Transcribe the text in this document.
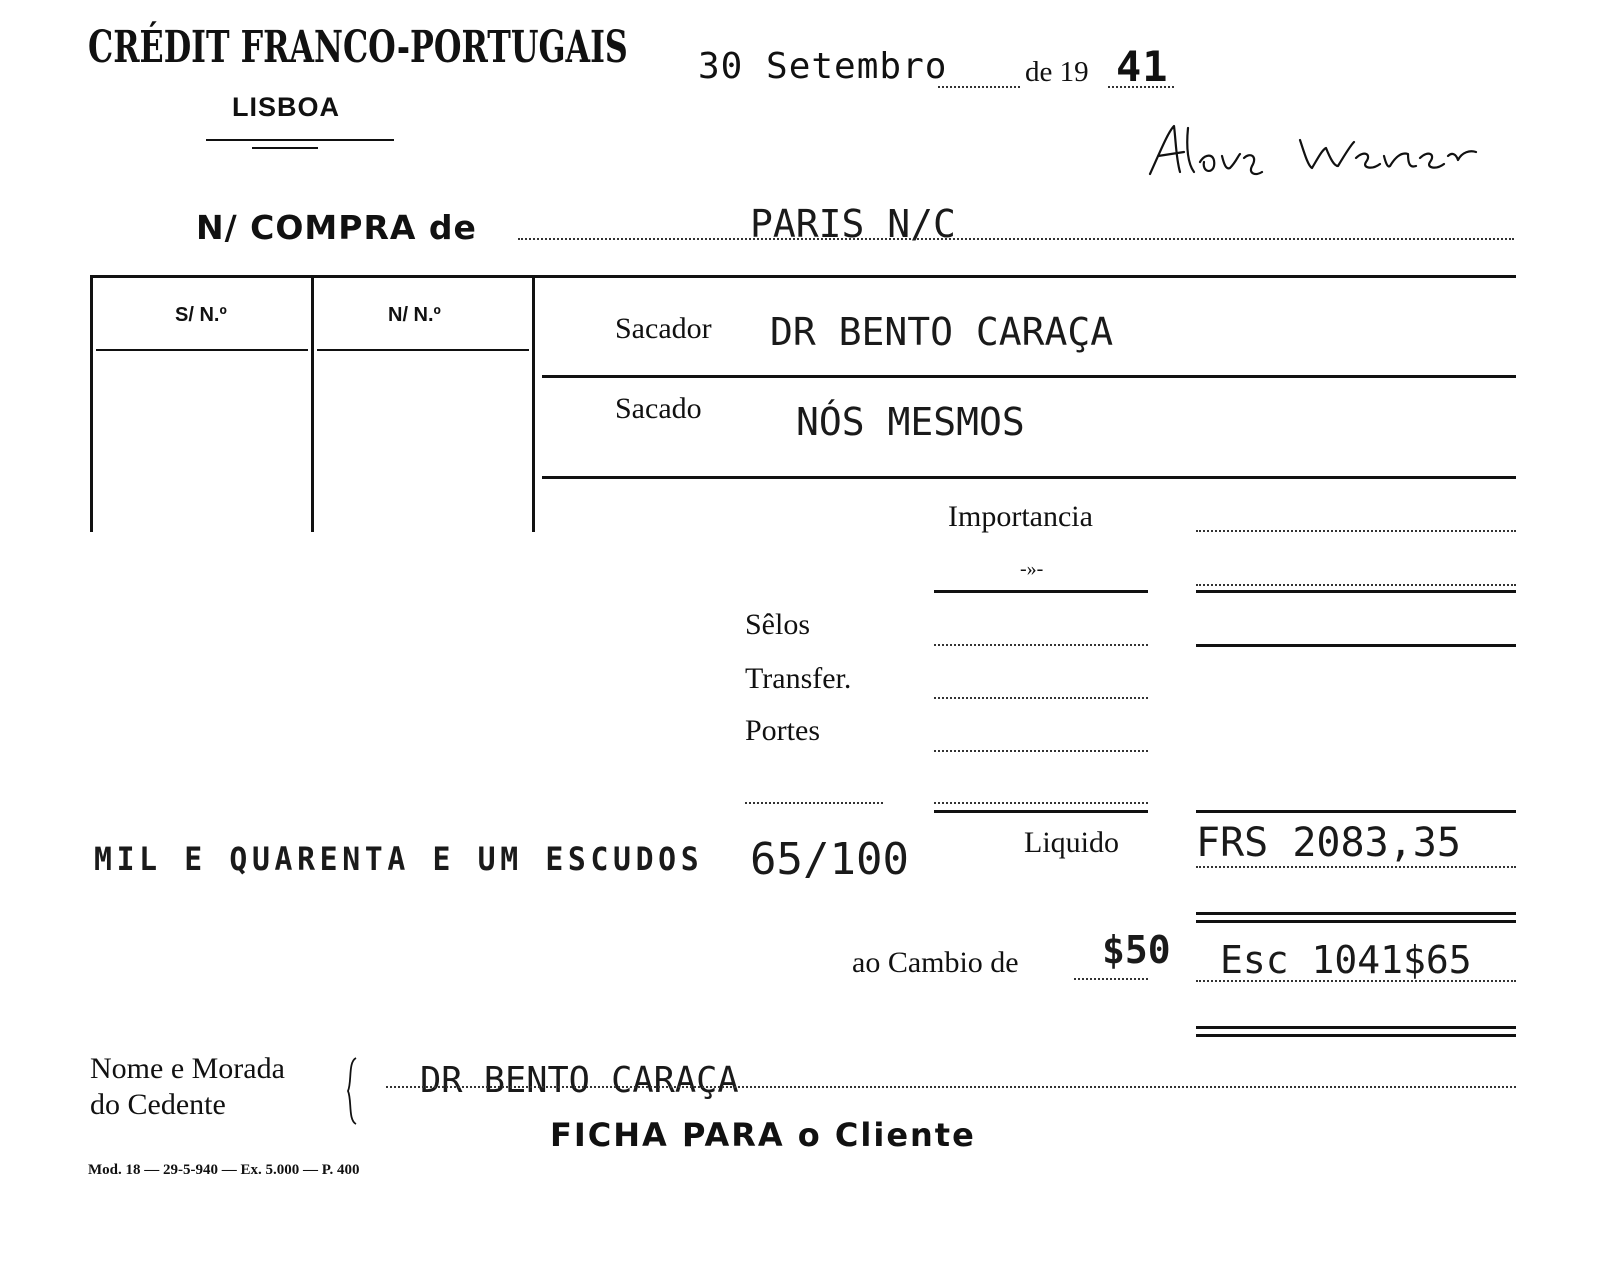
CRÉDIT FRANCO-PORTUGAIS
LISBOA
30 Setembro	de 19 41
N/ COMPRA de	PARIS N/C
S/ N.º	N/ N.º	Sacador DR BENTO CARAÇA
Sacado NÓS MESMOS
Importancia
-»-
Sêlos
Transfer.
Portes
MIL E QUARENTA E UM ESCUDOS 65/100	Liquido FRS 2083,35
ao Cambio de $50 Esc 1041$65
Nome e Morada
do Cedente
DR BENTO CARAÇA
FICHA PARA o Cliente
Mod. 18 — 29-5-940 — Ex. 5.000 — P. 400
